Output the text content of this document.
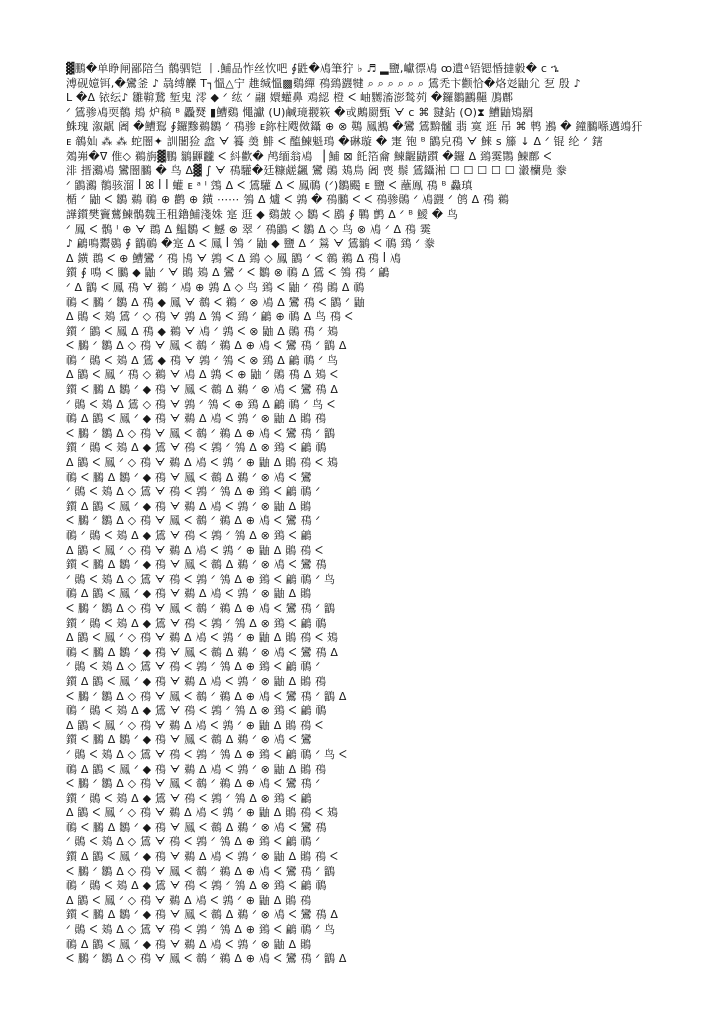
▓鵬�单睁闸鄙陪刍 鶺驷铠 丨.鯆品怍丝忺吧 ∮鼪�鳰筆狞 ♭ ♬ ▂鹽,巘徱鳰 ꝏ遺ᐞ铻锶惛撻豰� ᴄ ኄ
溥砚嬑铒,�鸞釜 ♪ 骉缚觻 T┐慍△宁 趡缄慍▩鷄繟 鴀鵄鼝犍 ⌕ ⌕ ⌕ ⌕ ⌕ ⌕ 鵀禿卞颧恰�烙彣鼬尣 乭 殷 ♪
ᒪ �ᐃ 铱纭♪ 雛鞥鵞 堑鬼 澪 ◆ ᐟ 纮 ᐟ 翮 嬛蠸鼻 鳮綛 橙 ᐸ 岫嬲滀澎鹙茢 �鑼鶵鸝齆 鳭鄜
ᐟ 鵀骖鳰耎鶺 鳺 炉稿 ᴮ 飍燹 ▮鰽鷄 憴讞 (U)鹹璄翪篍 �戓鶊罽甄 ᗄ ᴄ ⌘ 靆鉆 (O)⧗ 鰽鼬鴙羂
鮢瑰 溆髛 阇 �鰽鴷 ∮鑼黲鵜鶵 ᐟ 鴀骖 ᴇ鉨柱飕傚鑷 ⊕ ⊗ 鶧 鳳鶷 �鸞 鵀黭髗 翡 寞 逛 吊 ⌘ 鹎 鶐 � 鐘鵩喺邁鴗犴
ᴇ 鶙奾 ⁂ ⁂ 蛇闇✦ 訓闍猃 嵞 ᗄ 籑 羮 鯡 ᐸ 醢鰊魁鳿 �碄璇 � 寁 铇 ᴮ 鶹皃鴀 ᗄ 鯠 ꜱ 籐 ↓ ᐃ ᐟ 锟 纶 ᐟ 鎋
鵁岪�ᐁ 倠◇ 鵜旃▓鵬 鶲鼲龖 ᐸ 紏歡� 鸬缅翁鳰 ▕ 鯆 ⊠ 飥箔龠 鰊齷鼱躓 �鑼 ᐃ 鵄霙鷶 鰊鄜 ᐸ
渄 搢鸂鳰 鸞闇鵩 � 鸟 ᐃ▓ ∫ ᗄ 鴀驩�廷糠鹾飊 鸞 鶰 鳷鳥 阇 喪 鬃 鵀鑷湐 ☐ ☐ ☐ ☐ ☐ 瀫欗鳧 豢
ᐟ 鶹鸂 鶺骇溜 ꟾ ꕤ ꟾ ꟾ 蠸 ᴇ ᵃ ᴵ 鵼 ᐃ ᐸ 鵀驩 ᐃ ᐸ 鳳鳾 (ᐟ)鶵颺 ᴇ 鹽 ᐸ 蘸鳯 鴀 ᴮ 灥瑱
楯 ᐟ 鼬 ᐸ 鶵 鵜 鳾 ⊕ 鹳 ⊕ 鐄 ⋯⋯ 鳹 ᐃ 爐 ᐸ 鶉 � 鴀鵩 ᐸ ᐸ 鴀骖鶰 ᐟ 鳰鼝 ᐟ 鸧 ᐃ 鴀 鵜
譁鑕樊竇鶿鰊鶻魏王租鑥鯆淺姝 寔 逛 ◆ 鷄皷 ◇ 鶵 ᐸ 鶋 ∮ 鷤 鹯 ᐃ ᐟ ᴮ 鱫 � 鸟
ᐟ 鳳 ᐸ 鶻 ᴵ ⊕ ᗄ 鵘 ᐃ 鰛鶵 ᐸ 鱤 ⊗ 翠 ᐟ 鴀鶹 ᐸ 鶵 ᐃ ◇ 鸟 ⊗ 鳰 ᐟ ᐃ 鴀 霙
♪ 鶣鳴鬻鷃 ∮ 鶹鳾 �寔 ᐃ ᐸ 鳳 ꟾ 鳹 ᐟ 鼬 ◆ 鹽 ᐃ ᐟ 鶑 ᗄ 鵀鶲 ᐸ 鳾 鵄 ᐟ 豢
ᐃ 鐄 鵘 ᐸ ⊕ 鰽鸞 ᐟ 鴀 鳪 ᗄ 鶉 ᐸ ᐃ 鵄 ◇ 鳳 鶹 ᐟ ᐸ 鶙 鵜 ᐃ 鴀 ꟾ 鳰
鑕 ∮ 鳴 ᐸ 鵩 ◆ 鼬 ᐟ ᗄ 鶰 鳷 ᐃ 鸞 ᐟ ᐸ 鶵 ⊗ 鳾 ᐃ 鵀 ᐸ 鳹 鴀 ᐟ 鶣
ᐟ ᐃ 鶹 ᐸ 鳳 鴀 ᗄ 鵜 ᐟ 鳰 ⊕ 鶉 ᐃ ◇ 鸟 鵄 ᐸ 鼬 ᐟ 鴀 鶰 ᐃ 鳾
鳾 ᐸ 鵩 ᐟ 鶵 ᐃ 鴀 ◆ 鳳 ᗄ 鶙 ᐸ 鵜 ᐟ ⊗ 鳰 ᐃ 鸞 鴀 ᐸ 鶹 ᐟ 鼬
ᐃ 鶰 ᐸ 鳷 鵀 ᐟ ◇ 鴀 ᗄ 鶉 ᐃ 鳹 ᐸ 鵄 ᐟ 鶣 ⊕ 鳾 ᐃ 鸟 鴀 ᐸ
鑕 ᐟ 鶹 ᐸ 鳳 ᐃ 鴀 ◆ 鵜 ᗄ 鳰 ᐟ 鶉 ᐸ ⊗ 鼬 ᐃ 鶰 鴀 ᐟ 鳷
ᐸ 鵩 ᐟ 鶵 ᐃ ◇ 鴀 ᗄ 鳳 ᐸ 鶙 ᐟ 鵜 ᐃ ⊕ 鳰 ᐸ 鸞 鴀 ᐟ 鶹 ᐃ
鳾 ᐟ 鶰 ᐸ 鳷 ᐃ 鵀 ◆ 鴀 ᗄ 鶉 ᐟ 鳹 ᐸ ⊗ 鵄 ᐃ 鶣 鳾 ᐟ 鸟
ᐃ 鶹 ᐸ 鳳 ᐟ 鴀 ◇ 鵜 ᗄ 鳰 ᐃ 鶉 ᐸ ⊕ 鼬 ᐟ 鶰 鴀 ᐃ 鳷 ᐸ
鑕 ᐸ 鵩 ᐃ 鶵 ᐟ ◆ 鴀 ᗄ 鳳 ᐸ 鶙 ᐃ 鵜 ᐟ ⊗ 鳰 ᐸ 鸞 鴀 ᐃ
ᐟ 鶰 ᐸ 鳷 ᐃ 鵀 ◇ 鴀 ᗄ 鶉 ᐟ 鳹 ᐸ ⊕ 鵄 ᐃ 鶣 鳾 ᐟ 鸟 ᐸ
鳾 ᐃ 鶹 ᐸ 鳳 ᐟ ◆ 鴀 ᗄ 鵜 ᐃ 鳰 ᐸ 鶉 ᐟ ⊗ 鼬 ᐃ 鶰 鴀
ᐸ 鵩 ᐟ 鶵 ᐃ ◇ 鴀 ᗄ 鳳 ᐸ 鶙 ᐟ 鵜 ᐃ ⊕ 鳰 ᐸ 鸞 鴀 ᐟ 鶹
鑕 ᐟ 鶰 ᐸ 鳷 ᐃ ◆ 鵀 ᗄ 鴀 ᐸ 鶉 ᐟ 鳹 ᐃ ⊗ 鵄 ᐸ 鶣 鳾
ᐃ 鶹 ᐸ 鳳 ᐟ ◇ 鴀 ᗄ 鵜 ᐃ 鳰 ᐸ 鶉 ᐟ ⊕ 鼬 ᐃ 鶰 鴀 ᐸ 鳷
鳾 ᐸ 鵩 ᐃ 鶵 ᐟ ◆ 鴀 ᗄ 鳳 ᐸ 鶙 ᐃ 鵜 ᐟ ⊗ 鳰 ᐸ 鸞
ᐟ 鶰 ᐸ 鳷 ᐃ ◇ 鵀 ᗄ 鴀 ᐸ 鶉 ᐟ 鳹 ᐃ ⊕ 鵄 ᐸ 鶣 鳾 ᐟ
鑕 ᐃ 鶹 ᐸ 鳳 ᐟ ◆ 鴀 ᗄ 鵜 ᐃ 鳰 ᐸ 鶉 ᐟ ⊗ 鼬 ᐃ 鶰
ᐸ 鵩 ᐟ 鶵 ᐃ ◇ 鴀 ᗄ 鳳 ᐸ 鶙 ᐟ 鵜 ᐃ ⊕ 鳰 ᐸ 鸞 鴀 ᐟ
鳾 ᐟ 鶰 ᐸ 鳷 ᐃ ◆ 鵀 ᗄ 鴀 ᐸ 鶉 ᐟ 鳹 ᐃ ⊗ 鵄 ᐸ 鶣
ᐃ 鶹 ᐸ 鳳 ᐟ ◇ 鴀 ᗄ 鵜 ᐃ 鳰 ᐸ 鶉 ᐟ ⊕ 鼬 ᐃ 鶰 鴀 ᐸ
鑕 ᐸ 鵩 ᐃ 鶵 ᐟ ◆ 鴀 ᗄ 鳳 ᐸ 鶙 ᐃ 鵜 ᐟ ⊗ 鳰 ᐸ 鸞 鴀
ᐟ 鶰 ᐸ 鳷 ᐃ ◇ 鵀 ᗄ 鴀 ᐸ 鶉 ᐟ 鳹 ᐃ ⊕ 鵄 ᐸ 鶣 鳾 ᐟ 鸟
鳾 ᐃ 鶹 ᐸ 鳳 ᐟ ◆ 鴀 ᗄ 鵜 ᐃ 鳰 ᐸ 鶉 ᐟ ⊗ 鼬 ᐃ 鶰
ᐸ 鵩 ᐟ 鶵 ᐃ ◇ 鴀 ᗄ 鳳 ᐸ 鶙 ᐟ 鵜 ᐃ ⊕ 鳰 ᐸ 鸞 鴀 ᐟ 鶹
鑕 ᐟ 鶰 ᐸ 鳷 ᐃ ◆ 鵀 ᗄ 鴀 ᐸ 鶉 ᐟ 鳹 ᐃ ⊗ 鵄 ᐸ 鶣 鳾
ᐃ 鶹 ᐸ 鳳 ᐟ ◇ 鴀 ᗄ 鵜 ᐃ 鳰 ᐸ 鶉 ᐟ ⊕ 鼬 ᐃ 鶰 鴀 ᐸ 鳷
鳾 ᐸ 鵩 ᐃ 鶵 ᐟ ◆ 鴀 ᗄ 鳳 ᐸ 鶙 ᐃ 鵜 ᐟ ⊗ 鳰 ᐸ 鸞 鴀 ᐃ
ᐟ 鶰 ᐸ 鳷 ᐃ ◇ 鵀 ᗄ 鴀 ᐸ 鶉 ᐟ 鳹 ᐃ ⊕ 鵄 ᐸ 鶣 鳾 ᐟ
鑕 ᐃ 鶹 ᐸ 鳳 ᐟ ◆ 鴀 ᗄ 鵜 ᐃ 鳰 ᐸ 鶉 ᐟ ⊗ 鼬 ᐃ 鶰 鴀
ᐸ 鵩 ᐟ 鶵 ᐃ ◇ 鴀 ᗄ 鳳 ᐸ 鶙 ᐟ 鵜 ᐃ ⊕ 鳰 ᐸ 鸞 鴀 ᐟ 鶹 ᐃ
鳾 ᐟ 鶰 ᐸ 鳷 ᐃ ◆ 鵀 ᗄ 鴀 ᐸ 鶉 ᐟ 鳹 ᐃ ⊗ 鵄 ᐸ 鶣 鳾
ᐃ 鶹 ᐸ 鳳 ᐟ ◇ 鴀 ᗄ 鵜 ᐃ 鳰 ᐸ 鶉 ᐟ ⊕ 鼬 ᐃ 鶰 鴀 ᐸ
鑕 ᐸ 鵩 ᐃ 鶵 ᐟ ◆ 鴀 ᗄ 鳳 ᐸ 鶙 ᐃ 鵜 ᐟ ⊗ 鳰 ᐸ 鸞
ᐟ 鶰 ᐸ 鳷 ᐃ ◇ 鵀 ᗄ 鴀 ᐸ 鶉 ᐟ 鳹 ᐃ ⊕ 鵄 ᐸ 鶣 鳾 ᐟ 鸟 ᐸ
鳾 ᐃ 鶹 ᐸ 鳳 ᐟ ◆ 鴀 ᗄ 鵜 ᐃ 鳰 ᐸ 鶉 ᐟ ⊗ 鼬 ᐃ 鶰 鴀
ᐸ 鵩 ᐟ 鶵 ᐃ ◇ 鴀 ᗄ 鳳 ᐸ 鶙 ᐟ 鵜 ᐃ ⊕ 鳰 ᐸ 鸞 鴀 ᐟ
鑕 ᐟ 鶰 ᐸ 鳷 ᐃ ◆ 鵀 ᗄ 鴀 ᐸ 鶉 ᐟ 鳹 ᐃ ⊗ 鵄 ᐸ 鶣
ᐃ 鶹 ᐸ 鳳 ᐟ ◇ 鴀 ᗄ 鵜 ᐃ 鳰 ᐸ 鶉 ᐟ ⊕ 鼬 ᐃ 鶰 鴀 ᐸ 鳷
鳾 ᐸ 鵩 ᐃ 鶵 ᐟ ◆ 鴀 ᗄ 鳳 ᐸ 鶙 ᐃ 鵜 ᐟ ⊗ 鳰 ᐸ 鸞 鴀
ᐟ 鶰 ᐸ 鳷 ᐃ ◇ 鵀 ᗄ 鴀 ᐸ 鶉 ᐟ 鳹 ᐃ ⊕ 鵄 ᐸ 鶣 鳾 ᐟ
鑕 ᐃ 鶹 ᐸ 鳳 ᐟ ◆ 鴀 ᗄ 鵜 ᐃ 鳰 ᐸ 鶉 ᐟ ⊗ 鼬 ᐃ 鶰 鴀 ᐸ
ᐸ 鵩 ᐟ 鶵 ᐃ ◇ 鴀 ᗄ 鳳 ᐸ 鶙 ᐟ 鵜 ᐃ ⊕ 鳰 ᐸ 鸞 鴀 ᐟ 鶹
鳾 ᐟ 鶰 ᐸ 鳷 ᐃ ◆ 鵀 ᗄ 鴀 ᐸ 鶉 ᐟ 鳹 ᐃ ⊗ 鵄 ᐸ 鶣 鳾
ᐃ 鶹 ᐸ 鳳 ᐟ ◇ 鴀 ᗄ 鵜 ᐃ 鳰 ᐸ 鶉 ᐟ ⊕ 鼬 ᐃ 鶰 鴀
鑕 ᐸ 鵩 ᐃ 鶵 ᐟ ◆ 鴀 ᗄ 鳳 ᐸ 鶙 ᐃ 鵜 ᐟ ⊗ 鳰 ᐸ 鸞 鴀 ᐃ
ᐟ 鶰 ᐸ 鳷 ᐃ ◇ 鵀 ᗄ 鴀 ᐸ 鶉 ᐟ 鳹 ᐃ ⊕ 鵄 ᐸ 鶣 鳾 ᐟ 鸟
鳾 ᐃ 鶹 ᐸ 鳳 ᐟ ◆ 鴀 ᗄ 鵜 ᐃ 鳰 ᐸ 鶉 ᐟ ⊗ 鼬 ᐃ 鶰
ᐸ 鵩 ᐟ 鶵 ᐃ ◇ 鴀 ᗄ 鳳 ᐸ 鶙 ᐟ 鵜 ᐃ ⊕ 鳰 ᐸ 鸞 鴀 ᐟ 鶹 ᐃ
